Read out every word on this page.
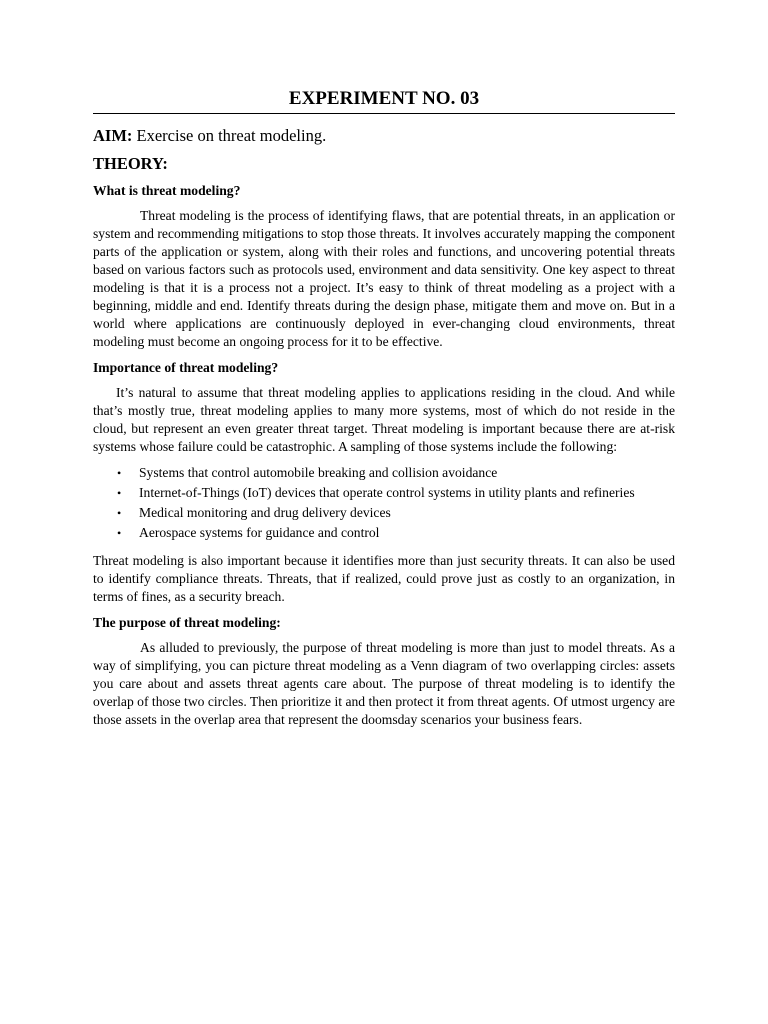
EXPERIMENT NO. 03

AIM: Exercise on threat modeling.

THEORY:

What is threat modeling?

Threat modeling is the process of identifying flaws, that are potential threats, in an application or system and recommending mitigations to stop those threats. It involves accurately mapping the component parts of the application or system, along with their roles and functions, and uncovering potential threats based on various factors such as protocols used, environment and data sensitivity. One key aspect to threat modeling is that it is a process not a project. It’s easy to think of threat modeling as a project with a beginning, middle and end. Identify threats during the design phase, mitigate them and move on. But in a world where applications are continuously deployed in ever-changing cloud environments, threat modeling must become an ongoing process for it to be effective.

Importance of threat modeling?

It’s natural to assume that threat modeling applies to applications residing in the cloud. And while that’s mostly true, threat modeling applies to many more systems, most of which do not reside in the cloud, but represent an even greater threat target. Threat modeling is important because there are at-risk systems whose failure could be catastrophic. A sampling of those systems include the following:

• Systems that control automobile breaking and collision avoidance
• Internet-of-Things (IoT) devices that operate control systems in utility plants and refineries
• Medical monitoring and drug delivery devices
• Aerospace systems for guidance and control

Threat modeling is also important because it identifies more than just security threats. It can also be used to identify compliance threats. Threats, that if realized, could prove just as costly to an organization, in terms of fines, as a security breach.

The purpose of threat modeling:

As alluded to previously, the purpose of threat modeling is more than just to model threats. As a way of simplifying, you can picture threat modeling as a Venn diagram of two overlapping circles: assets you care about and assets threat agents care about. The purpose of threat modeling is to identify the overlap of those two circles. Then prioritize it and then protect it from threat agents. Of utmost urgency are those assets in the overlap area that represent the doomsday scenarios your business fears.
